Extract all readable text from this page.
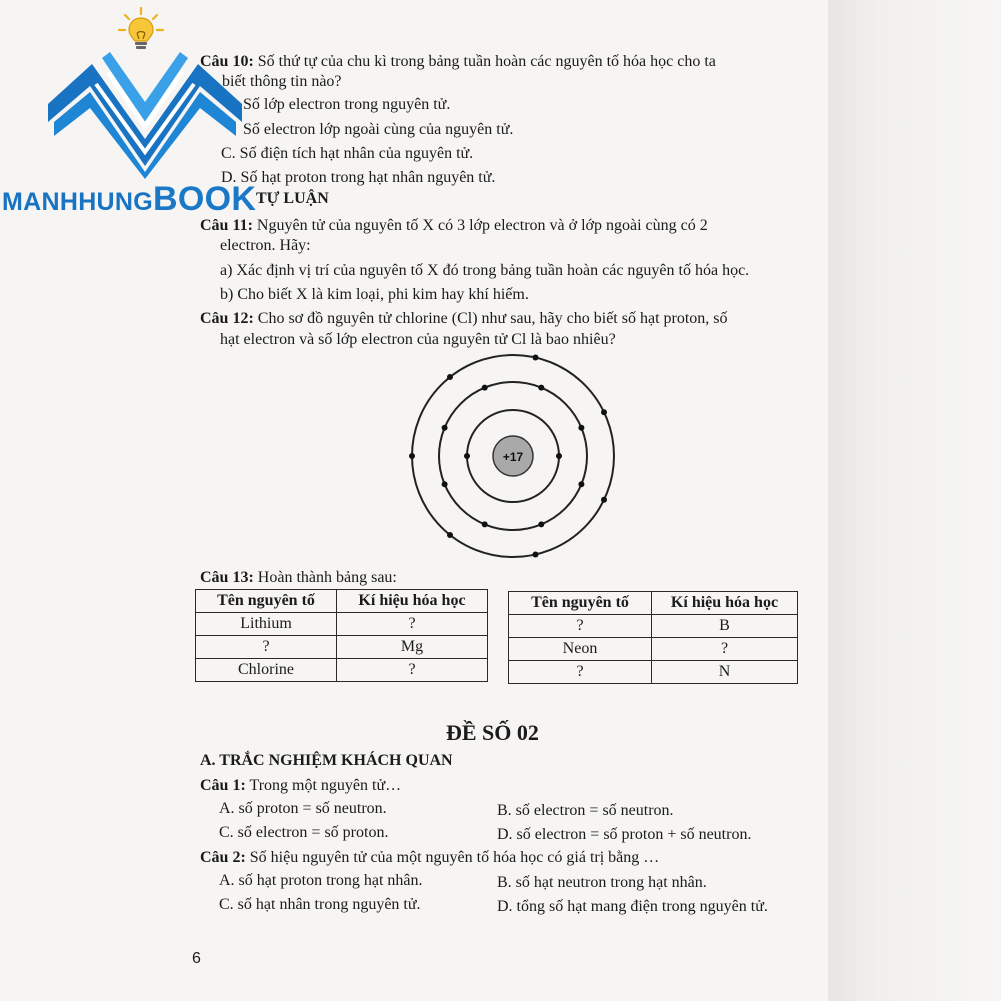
MANHHUNGBOOK
Câu 10: Số thứ tự của chu kì trong bảng tuần hoàn các nguyên tố hóa học cho ta
biết thông tin nào?
Số lớp electron trong nguyên tử.
Số electron lớp ngoài cùng của nguyên tử.
C. Số điện tích hạt nhân của nguyên tử.
D. Số hạt proton trong hạt nhân nguyên tử.
TỰ LUẬN
Câu 11: Nguyên tử của nguyên tố X có 3 lớp electron và ở lớp ngoài cùng có 2
electron. Hãy:
a) Xác định vị trí của nguyên tố X đó trong bảng tuần hoàn các nguyên tố hóa học.
b) Cho biết X là kim loại, phi kim hay khí hiếm.
Câu 12: Cho sơ đồ nguyên tử chlorine (Cl) như sau, hãy cho biết số hạt proton, số
hạt electron và số lớp electron của nguyên tử Cl là bao nhiêu?
+17
Câu 13: Hoàn thành bảng sau:
Tên nguyên tố	Kí hiệu hóa học
Lithium	?
?	Mg
Chlorine	?
Tên nguyên tố	Kí hiệu hóa học
?	B
Neon	?
?	N
ĐỀ SỐ 02
A. TRẮC NGHIỆM KHÁCH QUAN
Câu 1: Trong một nguyên tử…
A. số proton = số neutron.	B. số electron = số neutron.
C. số electron = số proton.	D. số electron = số proton + số neutron.
Câu 2: Số hiệu nguyên tử của một nguyên tố hóa học có giá trị bằng …
A. số hạt proton trong hạt nhân.	B. số hạt neutron trong hạt nhân.
C. số hạt nhân trong nguyên tử.	D. tổng số hạt mang điện trong nguyên tử.
6
